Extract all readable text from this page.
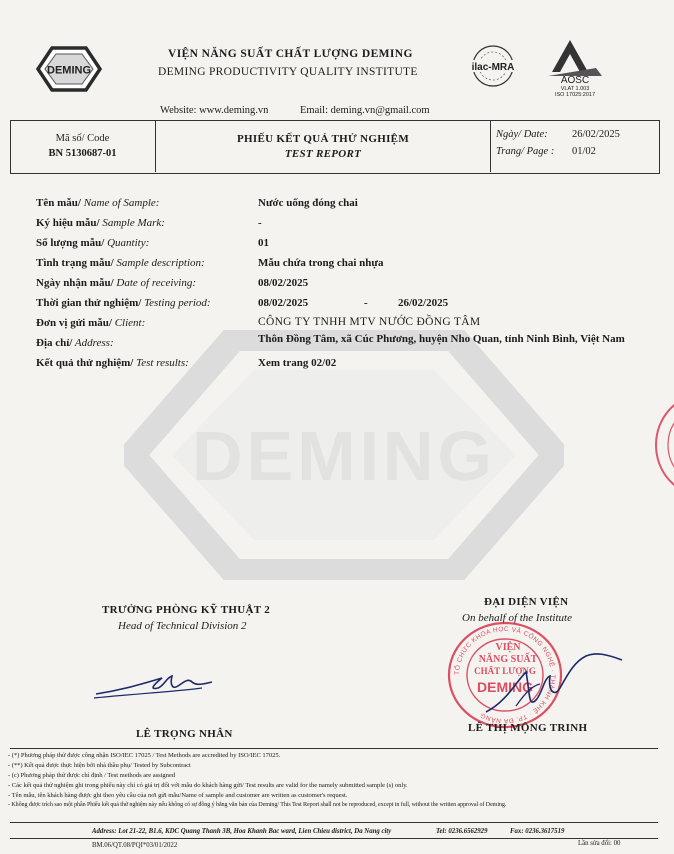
DEMING
VIỆN NĂNG SUẤT CHẤT LƯỢNG DEMING
DEMING PRODUCTIVITY QUALITY INSTITUTE	ilac-MRA
AOSC
VLAT 1.003
ISO 17025:2017
Website: www.deming.vn	Email: deming.vn@gmail.com
Mã số/ Code
BN 5130687-01
PHIẾU KẾT QUẢ THỬ NGHIỆM
TEST REPORT
Ngày/ Date: 26/02/2025
Trang/ Page : 01/02
DEMING
Tên mẫu/ Name of Sample:	Nước uống đóng chai
Ký hiệu mẫu/ Sample Mark:	-
Số lượng mẫu/ Quantity:	01
Tình trạng mẫu/ Sample description:	Mẫu chứa trong chai nhựa
Ngày nhận mẫu/ Date of receiving:	08/02/2025
Thời gian thử nghiệm/ Testing period:	08/02/2025	-	26/02/2025
Đơn vị gửi mẫu/ Client:	CÔNG TY TNHH MTV NƯỚC ĐỒNG TÂM
Địa chỉ/ Address:	Thôn Đồng Tâm, xã Cúc Phương, huyện Nho Quan, tỉnh Ninh Bình, Việt Nam
Kết quả thử nghiệm/ Test results:	Xem trang 02/02
TRƯỞNG PHÒNG KỸ THUẬT 2
Head of Technical Division 2
LÊ TRỌNG NHÂN
ĐẠI DIỆN VIỆN
On behalf of the Institute
TỔ CHỨC KHOA HỌC VÀ CÔNG NGHỆ · THÀNH KHÊ · TP. ĐÀ NẴNG
VIỆN
NĂNG SUẤT
CHẤT LƯỢNG
DEMING
LÊ THỊ MỘNG TRINH
- (*) Phương pháp thử được công nhận ISO/IEC 17025 / Test Methods are accredited by ISO/IEC 17025.
- (**) Kết quả được thực hiện bởi nhà thầu phụ/ Tested by Subcontract
- (c) Phương pháp thử được chỉ định / Test methods are assigned
- Các kết quả thử nghiệm ghi trong phiếu này chỉ có giá trị đối với mẫu do khách hàng gửi/ Test results are valid for the namely submitted sample (s) only.
- Tên mẫu, tên khách hàng được ghi theo yêu cầu của nơi gửi mẫu/Name of sample and customer are written as customer's request.
- Không được trích sao một phần Phiếu kết quả thử nghiệm này nếu không có sự đồng ý bằng văn bản của Deming/ This Test Report shall not be reproduced, except in full, without the written approval of Deming.
Address: Lot 21-22, B1.6, KDC Quang Thanh 3B, Hoa Khanh Bac ward, Lien Chieu district, Da Nang city	Tel: 0236.6562929	Fax: 0236.3617519
BM.06/QT.08/PQI*03/01/2022	Lần sửa đổi: 00
